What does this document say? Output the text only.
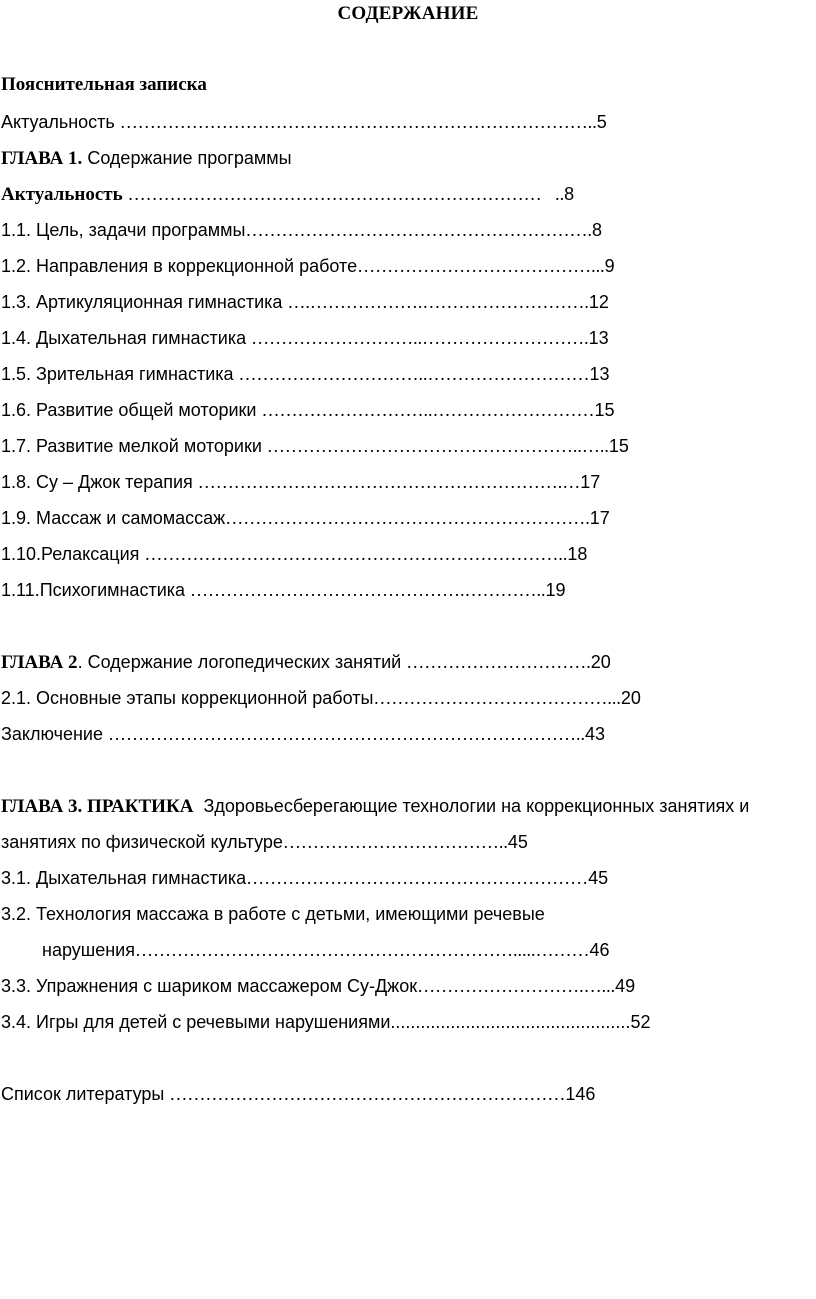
СОДЕРЖАНИЕ
Пояснительная записка
Актуальность ……………………………………………………………………..5
ГЛАВА 1. Содержание программы
Актуальность ……………………………………………………………   ..8
1.1. Цель, задачи программы………………………………………………….8
1.2. Направления в коррекционной работе…………………………………...9
1.3. Артикуляционная гимнастика ….……………….……………………….12
1.4. Дыхательная гимнастика ………………………..……………………….13
1.5. Зрительная гимнастика …………………………..………………………13
1.6. Развитие общей моторики ………………………..………………………15
1.7. Развитие мелкой моторики ……………………………………………..…..15
1.8. Су – Джок терапия …………………………………………………….…17
1.9. Массаж и самомассаж…………………………………………………….17
1.10.Релаксация ……………………………………………………………..18
1.11.Психогимнастика ……………………………………….…………..19
ГЛАВА 2. Содержание логопедических занятий ………………………….20
2.1. Основные этапы коррекционной работы…………………………………...20
Заключение ……………………………………………………………………..43
ГЛАВА 3. ПРАКТИКА  Здоровьесберегающие технологии на коррекционных занятиях и
занятиях по физической культуре………………………………..45
3.1. Дыхательная гимнастика…………………………………………………45
3.2. Технология массажа в работе с детьми, имеющими речевые
нарушения……………………………………………………….....………46
3.3. Упражнения с шариком массажером Су-Джок……………………….…...49
3.4. Игры для детей с речевыми нарушениями................................................52
Список литературы …………………………………………………………146
